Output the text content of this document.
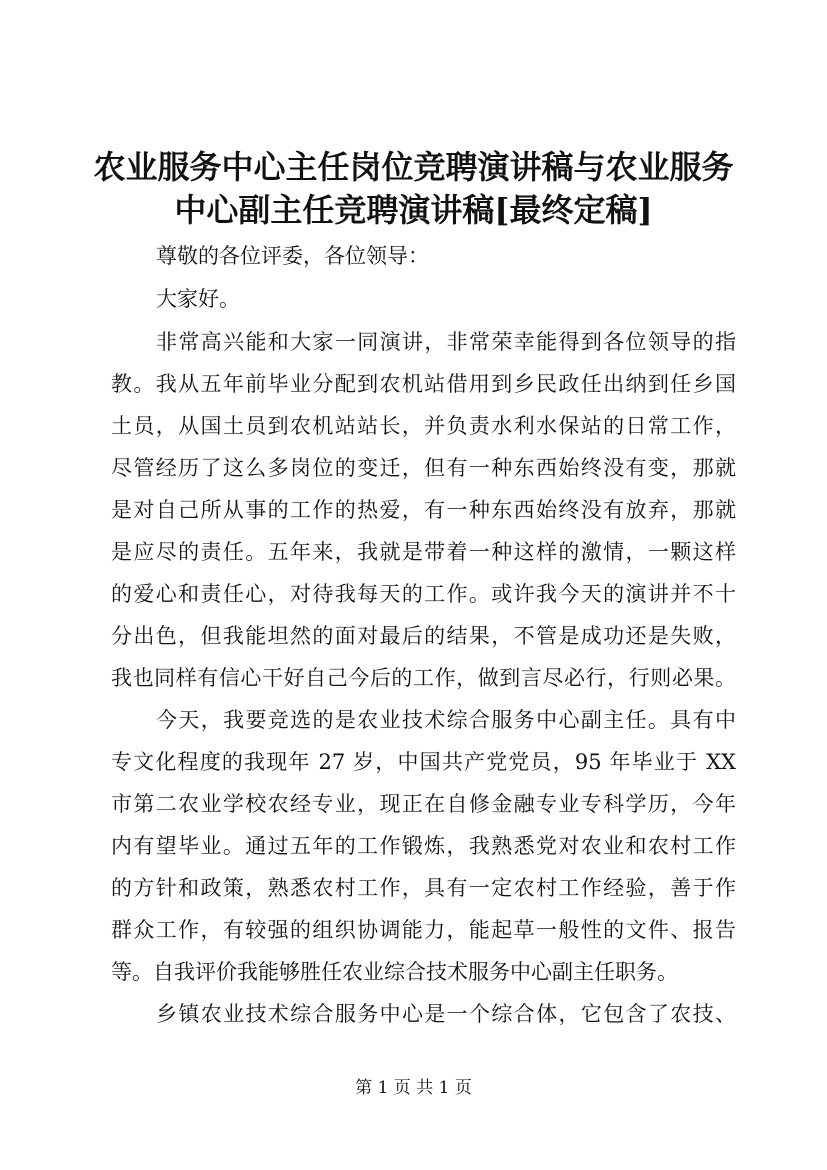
农业服务中心主任岗位竞聘演讲稿与农业服务
中心副主任竞聘演讲稿[最终定稿]
尊敬的各位评委，各位领导：
大家好。
非常高兴能和大家一同演讲，非常荣幸能得到各位领导的指
教。我从五年前毕业分配到农机站借用到乡民政任出纳到任乡国
土员，从国土员到农机站站长，并负责水利水保站的日常工作，
尽管经历了这么多岗位的变迁，但有一种东西始终没有变，那就
是对自己所从事的工作的热爱，有一种东西始终没有放弃，那就
是应尽的责任。五年来，我就是带着一种这样的激情，一颗这样
的爱心和责任心，对待我每天的工作。或许我今天的演讲并不十
分出色，但我能坦然的面对最后的结果，不管是成功还是失败，
我也同样有信心干好自己今后的工作，做到言尽必行，行则必果。
今天，我要竞选的是农业技术综合服务中心副主任。具有中
专文化程度的我现年 27 岁，中国共产党党员，95 年毕业于 XX
市第二农业学校农经专业，现正在自修金融专业专科学历，今年
内有望毕业。通过五年的工作锻炼，我熟悉党对农业和农村工作
的方针和政策，熟悉农村工作，具有一定农村工作经验，善于作
群众工作，有较强的组织协调能力，能起草一般性的文件、报告
等。自我评价我能够胜任农业综合技术服务中心副主任职务。
乡镇农业技术综合服务中心是一个综合体，它包含了农技、
第 1 页 共 1 页
